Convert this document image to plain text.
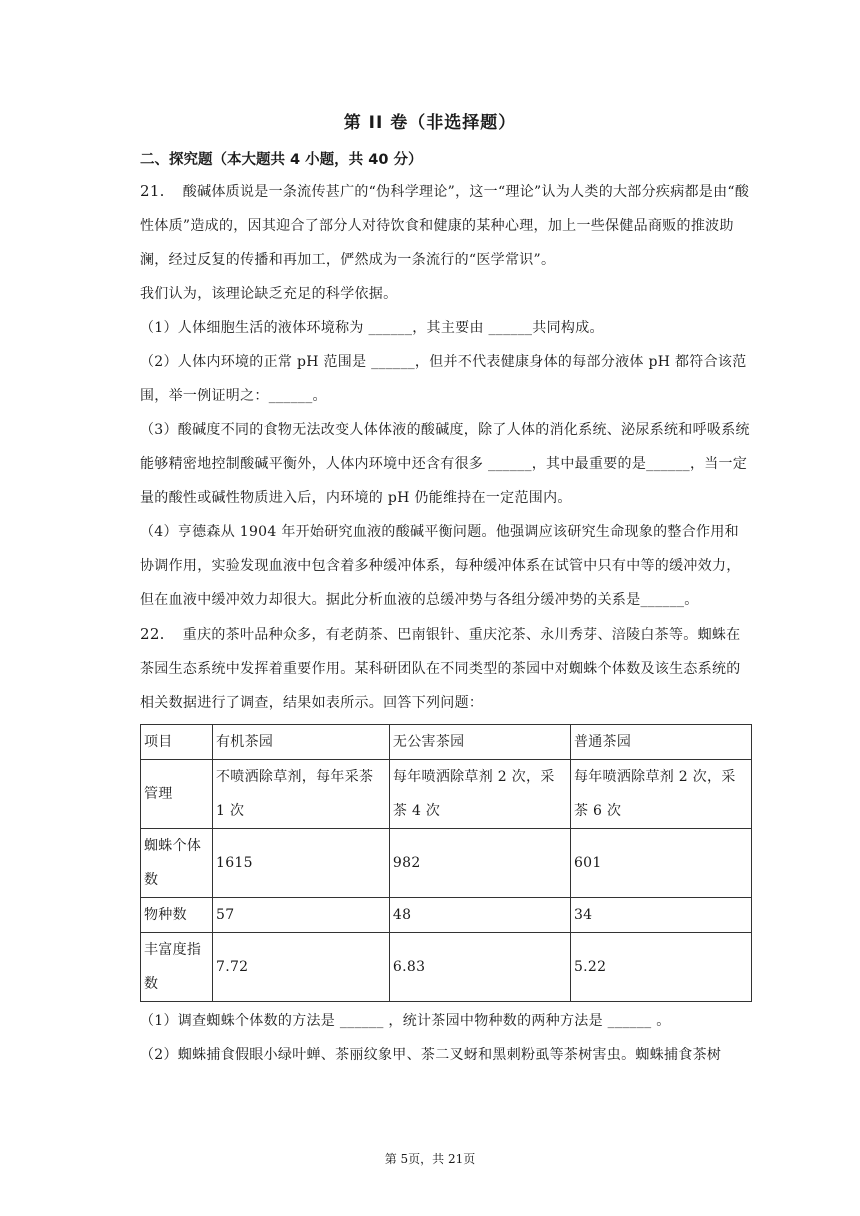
第 II 卷（非选择题）
二、探究题（本大题共 4 小题，共 40 分）

21. 酸碱体质说是一条流传甚广的“伪科学理论”，这一“理论”认为人类的大部分疾病都是由“酸性体质”造成的，因其迎合了部分人对待饮食和健康的某种心理，加上一些保健品商贩的推波助澜，经过反复的传播和再加工，俨然成为一条流行的“医学常识”。

我们认为，该理论缺乏充足的科学依据。

（1）人体细胞生活的液体环境称为 ______，其主要由 ______共同构成。

（2）人体内环境的正常 pH 范围是 ______，但并不代表健康身体的每部分液体 pH 都符合该范围，举一例证明之：______。

（3）酸碱度不同的食物无法改变人体体液的酸碱度，除了人体的消化系统、泌尿系统和呼吸系统能够精密地控制酸碱平衡外，人体内环境中还含有很多 ______，其中最重要的是______，当一定量的酸性或碱性物质进入后，内环境的 pH 仍能维持在一定范围内。

（4）亨德森从 1904 年开始研究血液的酸碱平衡问题。他强调应该研究生命现象的整合作用和协调作用，实验发现血液中包含着多种缓冲体系，每种缓冲体系在试管中只有中等的缓冲效力，但在血液中缓冲效力却很大。据此分析血液的总缓冲势与各组分缓冲势的关系是______。

22. 重庆的茶叶品种众多，有老荫茶、巴南银针、重庆沱茶、永川秀芽、涪陵白茶等。蜘蛛在茶园生态系统中发挥着重要作用。某科研团队在不同类型的茶园中对蜘蛛个体数及该生态系统的相关数据进行了调查，结果如表所示。回答下列问题：

项目	有机茶园	无公害茶园	普通茶园
管理	不喷洒除草剂，每年采茶 1 次	每年喷洒除草剂 2 次，采茶 4 次	每年喷洒除草剂 2 次，采茶 6 次
蜘蛛个体数	1615	982	601
物种数	57	48	34
丰富度指数	7.72	6.83	5.22

（1）调查蜘蛛个体数的方法是 ______ ，统计茶园中物种数的两种方法是 ______ 。

（2）蜘蛛捕食假眼小绿叶蝉、茶丽纹象甲、茶二叉蚜和黑刺粉虱等茶树害虫。蜘蛛捕食茶树

第 5页，共 21页
